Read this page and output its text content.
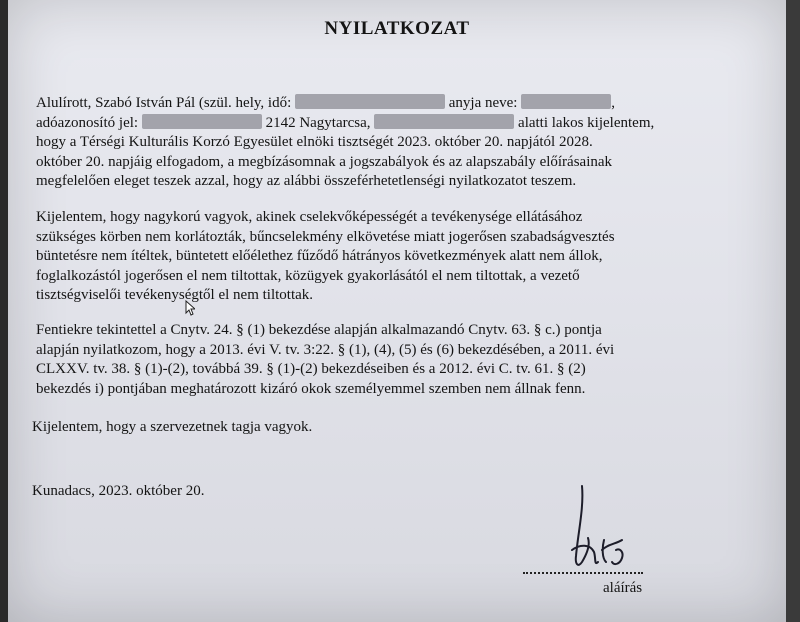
NYILATKOZAT
Alulírott, Szabó István Pál (szül. hely, idő:	anyja neve:	,
adóazonosító jel:	2142 Nagytarcsa,	alatti lakos kijelentem,
hogy a Térségi Kulturális Korzó Egyesület elnöki tisztségét 2023. október 20. napjától 2028.
október 20. napjáig elfogadom, a megbízásomnak a jogszabályok és az alapszabály előírásainak
megfelelően eleget teszek azzal, hogy az alábbi összeférhetetlenségi nyilatkozatot teszem.
Kijelentem, hogy nagykorú vagyok, akinek cselekvőképességét a tevékenysége ellátásához
szükséges körben nem korlátozták, bűncselekmény elkövetése miatt jogerősen szabadságvesztés
büntetésre nem ítéltek, büntetett előélethez fűződő hátrányos következmények alatt nem állok,
foglalkozástól jogerősen el nem tiltottak, közügyek gyakorlásától el nem tiltottak, a vezető
tisztségviselői tevékenységtől el nem tiltottak.
Fentiekre tekintettel a Cnytv. 24. § (1) bekezdése alapján alkalmazandó Cnytv. 63. § c.) pontja
alapján nyilatkozom, hogy a 2013. évi V. tv. 3:22. § (1), (4), (5) és (6) bekezdésében, a 2011. évi
CLXXV. tv. 38. § (1)-(2), továbbá 39. § (1)-(2) bekezdéseiben és a 2012. évi C. tv. 61. § (2)
bekezdés i) pontjában meghatározott kizáró okok személyemmel szemben nem állnak fenn.
Kijelentem, hogy a szervezetnek tagja vagyok.
Kunadacs, 2023. október 20.
aláírás
